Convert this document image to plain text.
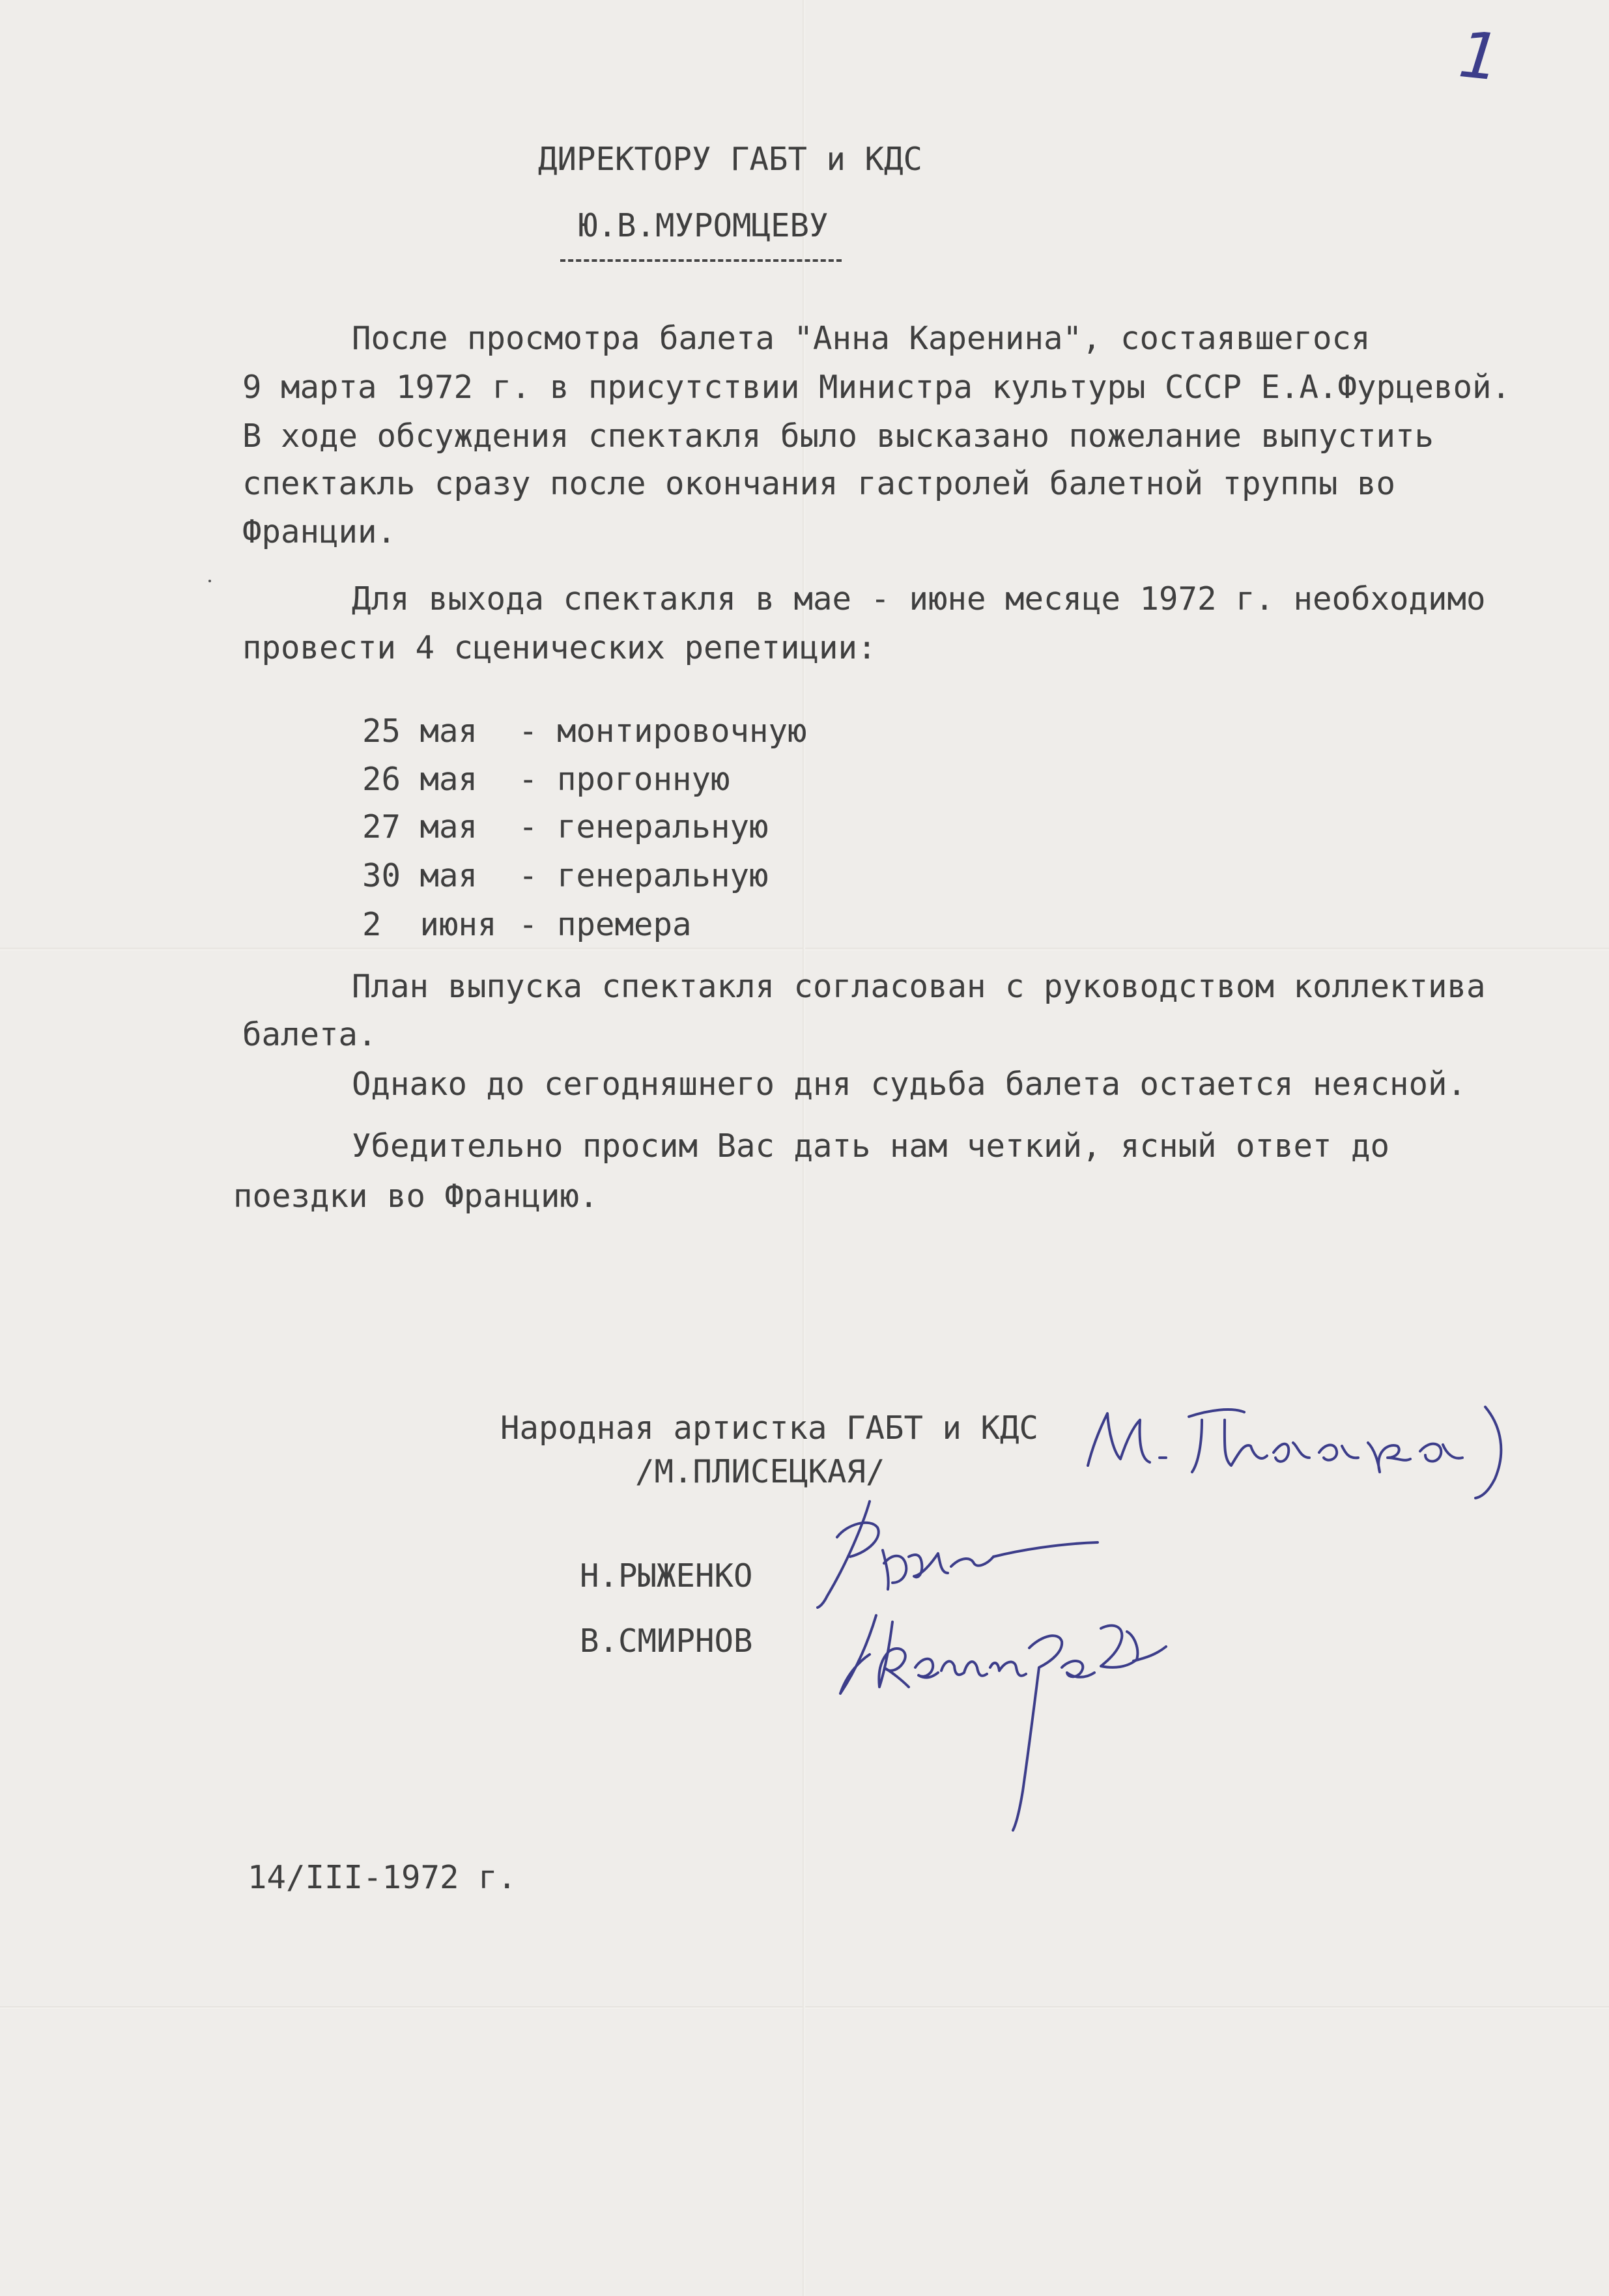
1
ДИРЕКТОРУ ГАБТ и КДС
Ю.В.МУРОМЦЕВУ
После просмотра балета "Анна Каренина", состаявшегося
9 марта 1972 г. в присутствии Министра культуры СССР Е.А.Фурцевой.
В ходе обсуждения спектакля было высказано пожелание выпустить
спектакль сразу после окончания гастролей балетной труппы во
Франции.
Для выхода спектакля в мае - июне месяце 1972 г. необходимо
провести 4 сценических репетиции:
25 мая - монтировочную
26 мая - прогонную
27 мая - генеральную
30 мая - генеральную
2  июня - премера
План выпуска спектакля согласован с руководством коллектива
балета.
Однако до сегодняшнего дня судьба балета остается неясной.
Убедительно просим Вас дать нам четкий, ясный ответ до
поездки во Францию.
Народная артистка ГАБТ и КДС
/М.ПЛИСЕЦКАЯ/
Н.РЫЖЕНКО
В.СМИРНОВ
14/III-1972 г.
